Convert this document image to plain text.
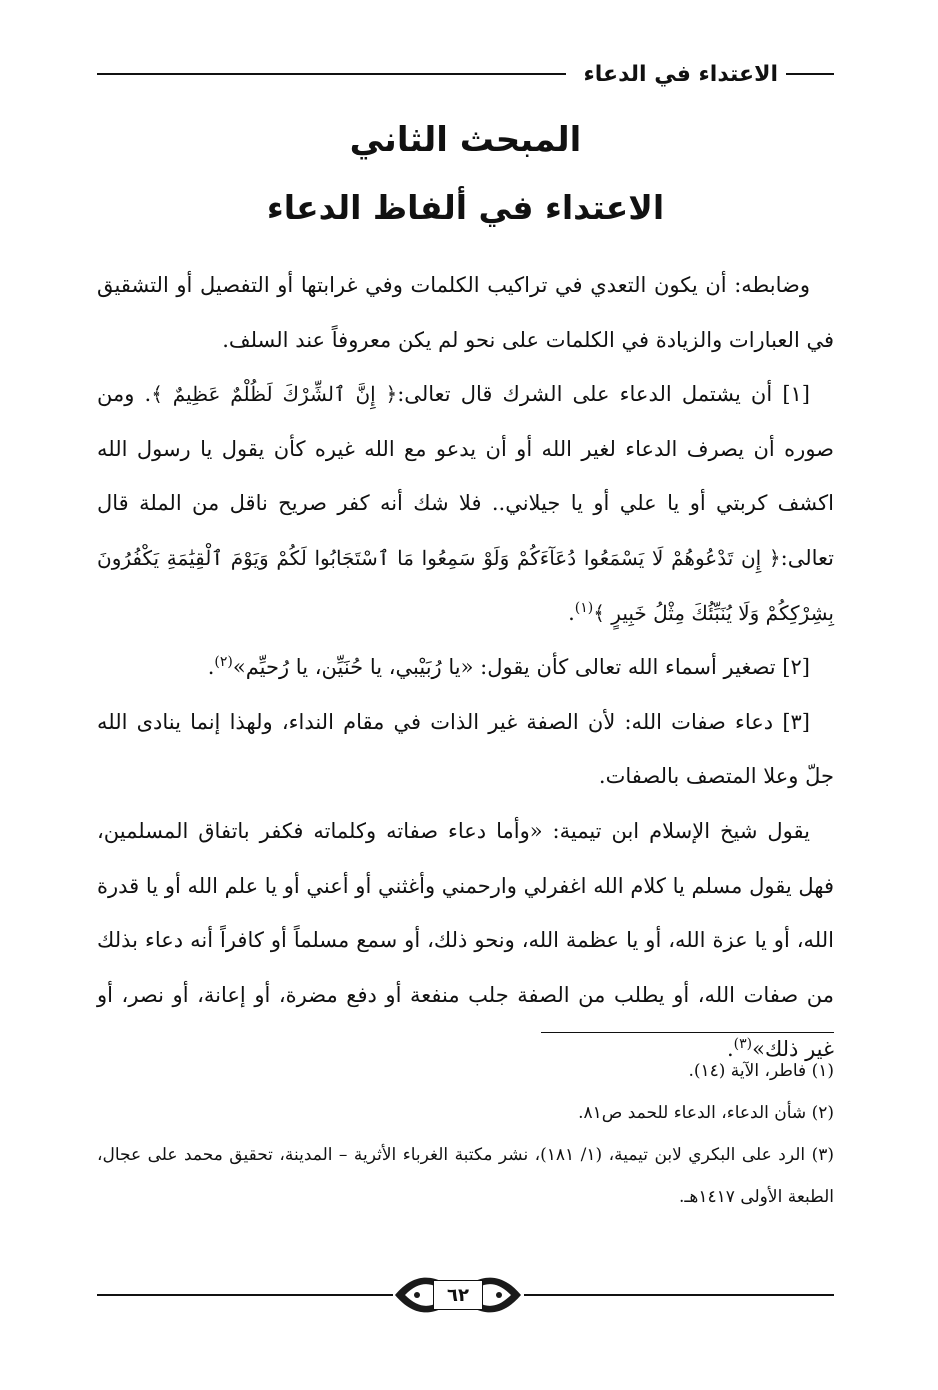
الاعتداء في الدعاء
المبحث الثاني
الاعتداء في ألفاظ الدعاء

وضابطه: أن يكون التعدي في تراكيب الكلمات وفي غرابتها أو التفصيل أو التشقيق في العبارات والزيادة في الكلمات على نحو لم يكن معروفاً عند السلف.

[١] أن يشتمل الدعاء على الشرك قال تعالى:﴿ إِنَّ ٱلشِّرْكَ لَظُلْمٌ عَظِيمٌ ﴾. ومن صوره أن يصرف الدعاء لغير الله أو أن يدعو مع الله غيره كأن يقول يا رسول الله اكشف كربتي أو يا علي أو يا جيلاني.. فلا شك أنه كفر صريح ناقل من الملة قال تعالى:﴿ إِن تَدْعُوهُمْ لَا يَسْمَعُوا دُعَآءَكُمْ وَلَوْ سَمِعُوا مَا ٱسْتَجَابُوا لَكُمْ وَيَوْمَ ٱلْقِيَٰمَةِ يَكْفُرُونَ بِشِرْكِكُمْ وَلَا يُنَبِّئُكَ مِثْلُ خَبِيرٍ ﴾$^{(١)}$.

[٢] تصغير أسماء الله تعالى كأن يقول: «يا رُبَيْبي، يا حُنَيِّن، يا رُحيِّم»$^{(٢)}$.

[٣] دعاء صفات الله: لأن الصفة غير الذات في مقام النداء، ولهذا إنما ينادى الله جلّ وعلا المتصف بالصفات.

يقول شيخ الإسلام ابن تيمية: «وأما دعاء صفاته وكلماته فكفر باتفاق المسلمين، فهل يقول مسلم يا كلام الله اغفرلي وارحمني وأغثني أو أعني أو يا علم الله أو يا قدرة الله، أو يا عزة الله، أو يا عظمة الله، ونحو ذلك، أو سمع مسلماً أو كافراً أنه دعاء بذلك من صفات الله، أو يطلب من الصفة جلب منفعة أو دفع مضرة، أو إعانة، أو نصر، أو غير ذلك»$^{(٣)}$.

(١) فاطر، الآية (١٤).

(٢) شأن الدعاء، الدعاء للحمد ص٨١.

(٣) الرد على البكري لابن تيمية، (١/ ١٨١)، نشر مكتبة الغرباء الأثرية – المدينة، تحقيق محمد على عجال، الطبعة الأولى ١٤١٧هـ.

٦٢
